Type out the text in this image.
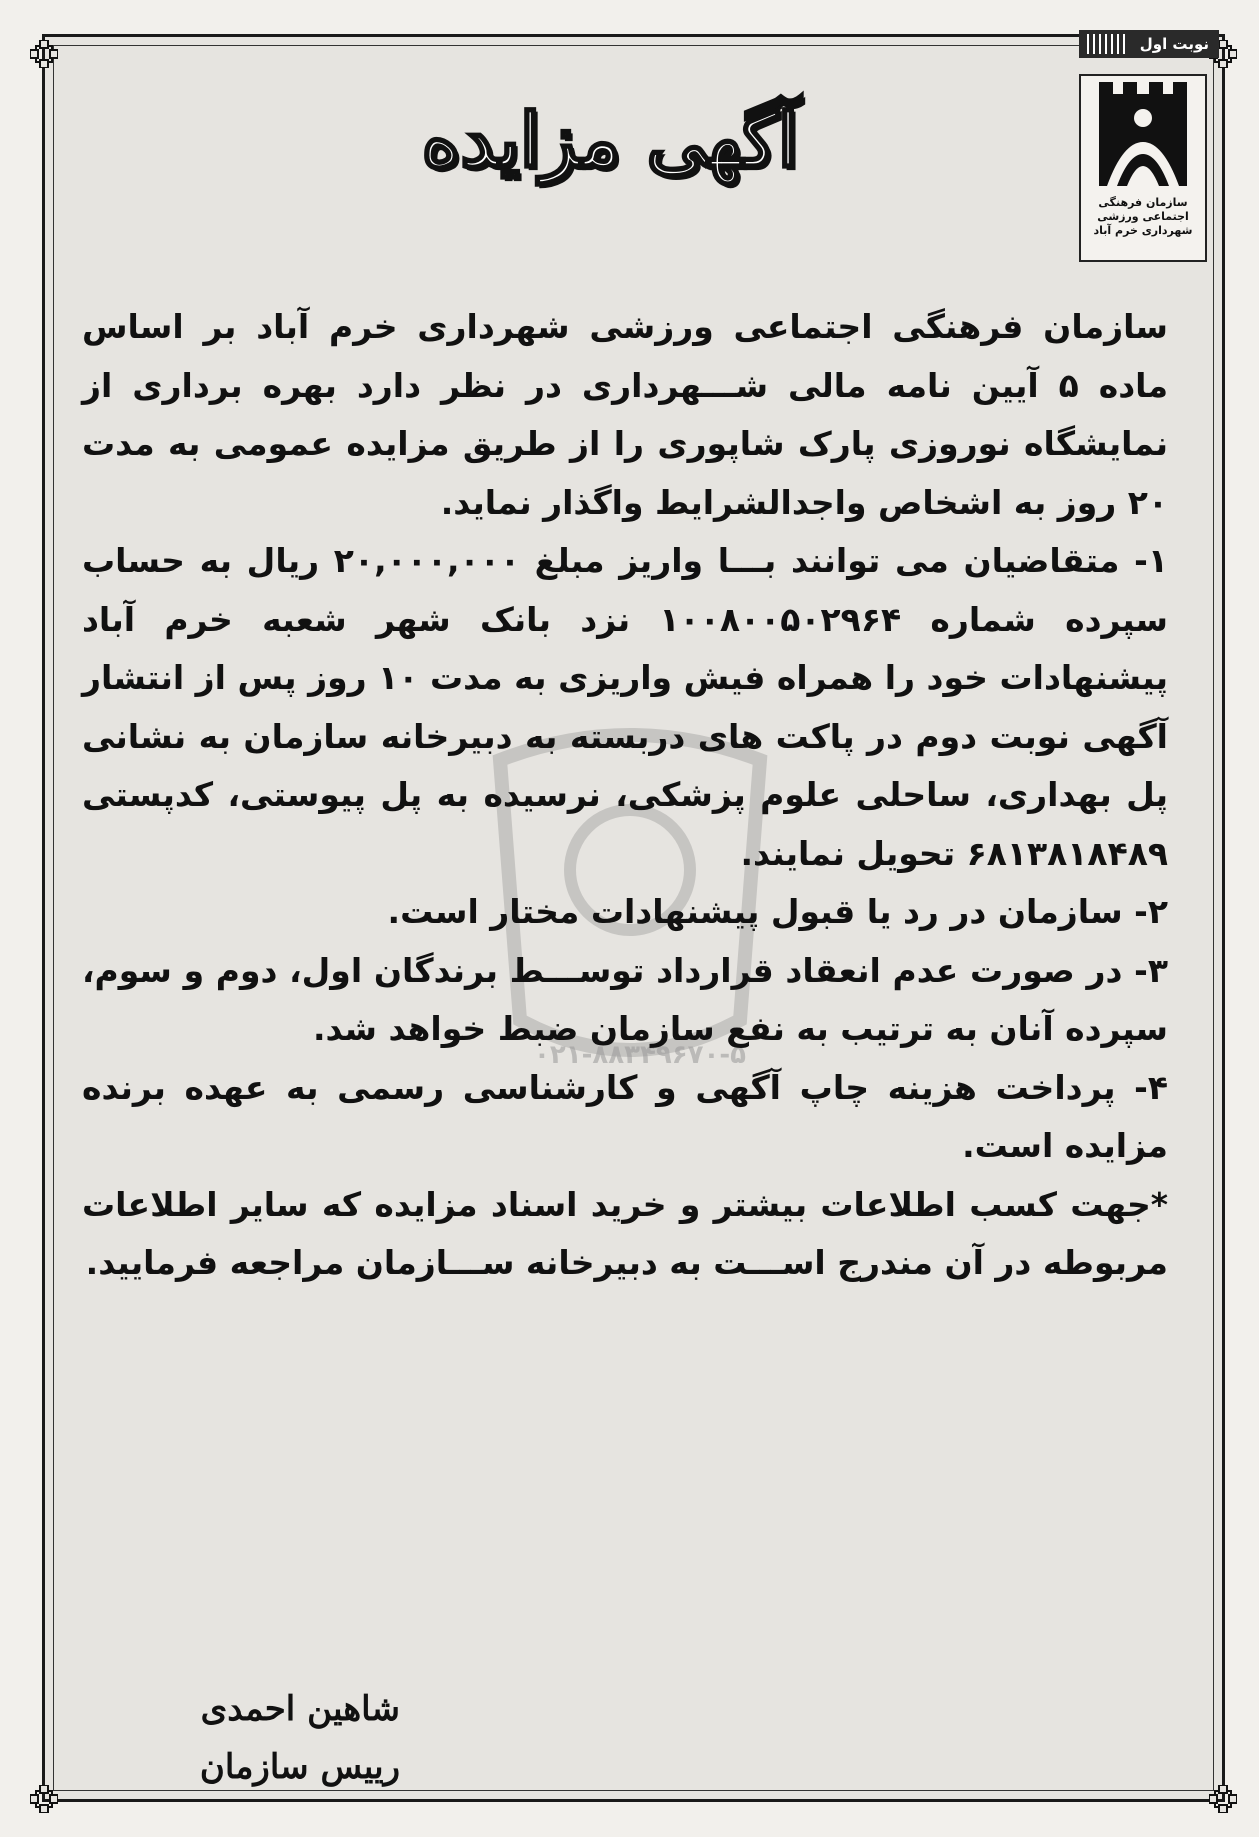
نوبت اول
سازمان فرهنگی
اجتماعی ورزشی
شهرداری خرم آباد
آگهی مزایده
۰۲۱-۸۸۳۴۹۶۷۰-۵

سازمان فرهنگی اجتماعی ورزشی شهرداری خرم آباد بر اساس ماده ۵ آیین نامه مالی شـــهرداری در نظر دارد بهره برداری از نمایشگاه نوروزی پارک شاپوری را از طریق مزایده عمومی به مدت ۲۰ روز به اشخاص واجدالشرایط واگذار نماید.

۱- متقاضیان می توانند بـــا واریز مبلغ ۲۰,۰۰۰,۰۰۰ ریال به حساب سپرده شماره ۱۰۰۸۰۰۵۰۲۹۶۴ نزد بانک شهر شعبه خرم آباد پیشنهادات خود را همراه فیش واریزی به مدت ۱۰ روز پس از انتشار آگهی نوبت دوم در پاکت های دربسته به دبیرخانه سازمان به نشانی پل بهداری، ساحلی علوم پزشکی، نرسیده به پل پیوستی، کدپستی ۶۸۱۳۸۱۸۴۸۹ تحویل نمایند.

۲- سازمان در رد یا قبول پیشنهادات مختار است.

۳- در صورت عدم انعقاد قرارداد توســـط برندگان اول، دوم و سوم، سپرده آنان به ترتیب به نفع سازمان ضبط خواهد شد.

۴- پرداخت هزینه چاپ آگهی و کارشناسی رسمی به عهده برنده مزایده است.

*جهت کسب اطلاعات بیشتر و خرید اسناد مزایده که سایر اطلاعات مربوطه در آن مندرج اســـت به دبیرخانه ســـازمان مراجعه فرمایید.

شاهین احمدی
رییس سازمان
